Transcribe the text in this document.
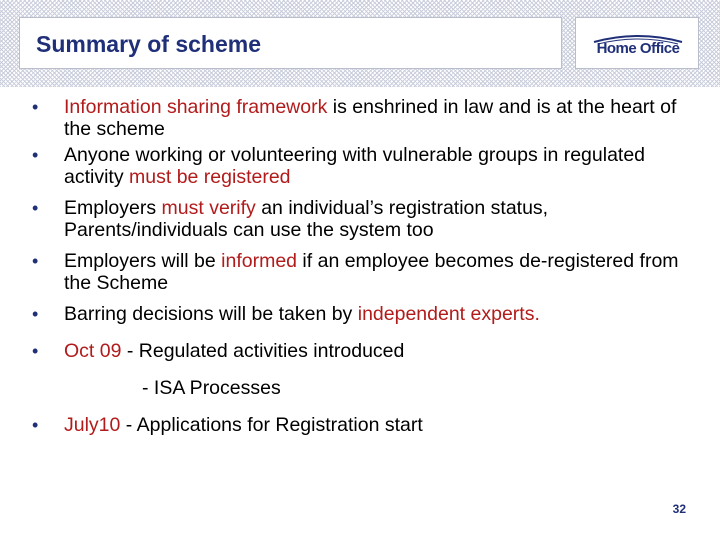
Summary of scheme	Home Office
• Information sharing framework is enshrined in law and is at the heart of the scheme
• Anyone working or volunteering with vulnerable groups in regulated activity must be registered
• Employers must verify an individual’s registration status, Parents/individuals can use the system too
• Employers will be informed if an employee becomes de-registered from the Scheme
• Barring decisions will be taken by independent experts.
• Oct 09 - Regulated activities introduced
- ISA Processes
• July10 - Applications for Registration start
32
